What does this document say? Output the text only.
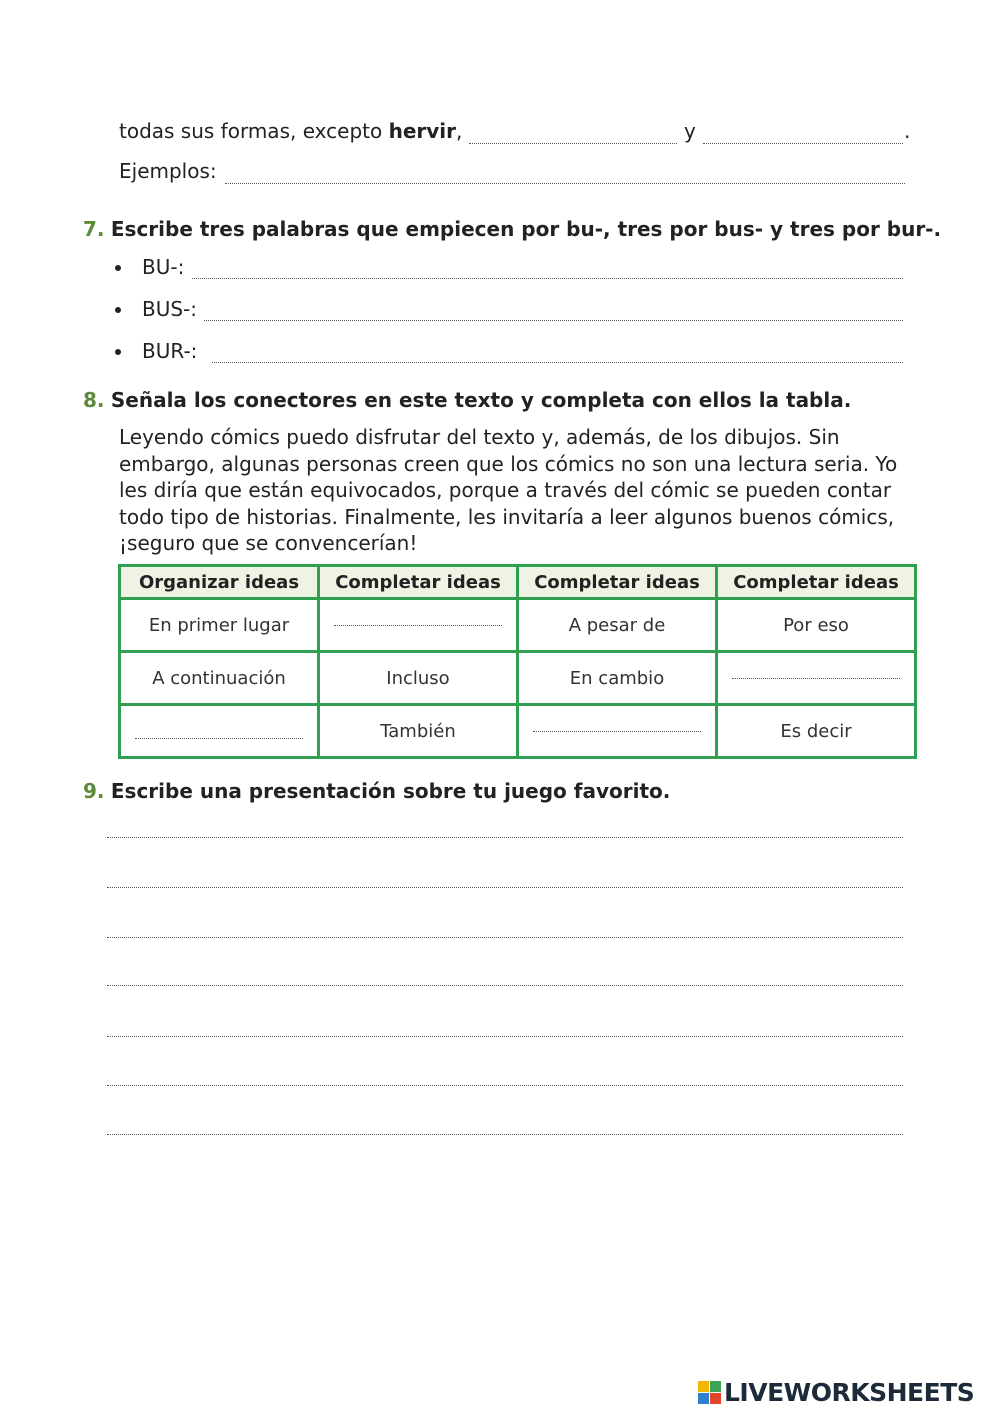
todas sus formas, excepto hervir,	y	.
Ejemplos:
7. Escribe tres palabras que empiecen por bu-, tres por bus- y tres por bur-.
BU-:
BUS-:
BUR-:
8. Señala los conectores en este texto y completa con ellos la tabla.
Leyendo cómics puedo disfrutar del texto y, además, de los dibujos. Sin
embargo, algunas personas creen que los cómics no son una lectura seria. Yo
les diría que están equivocados, porque a través del cómic se pueden contar
todo tipo de historias. Finalmente, les invitaría a leer algunos buenos cómics,
¡seguro que se convencerían!
Organizar ideas	Completar ideas	Completar ideas	Completar ideas
En primer lugar		A pesar de	Por eso
A continuación	Incluso	En cambio	
	También		Es decir
9. Escribe una presentación sobre tu juego favorito.
LIVEWORKSHEETS
